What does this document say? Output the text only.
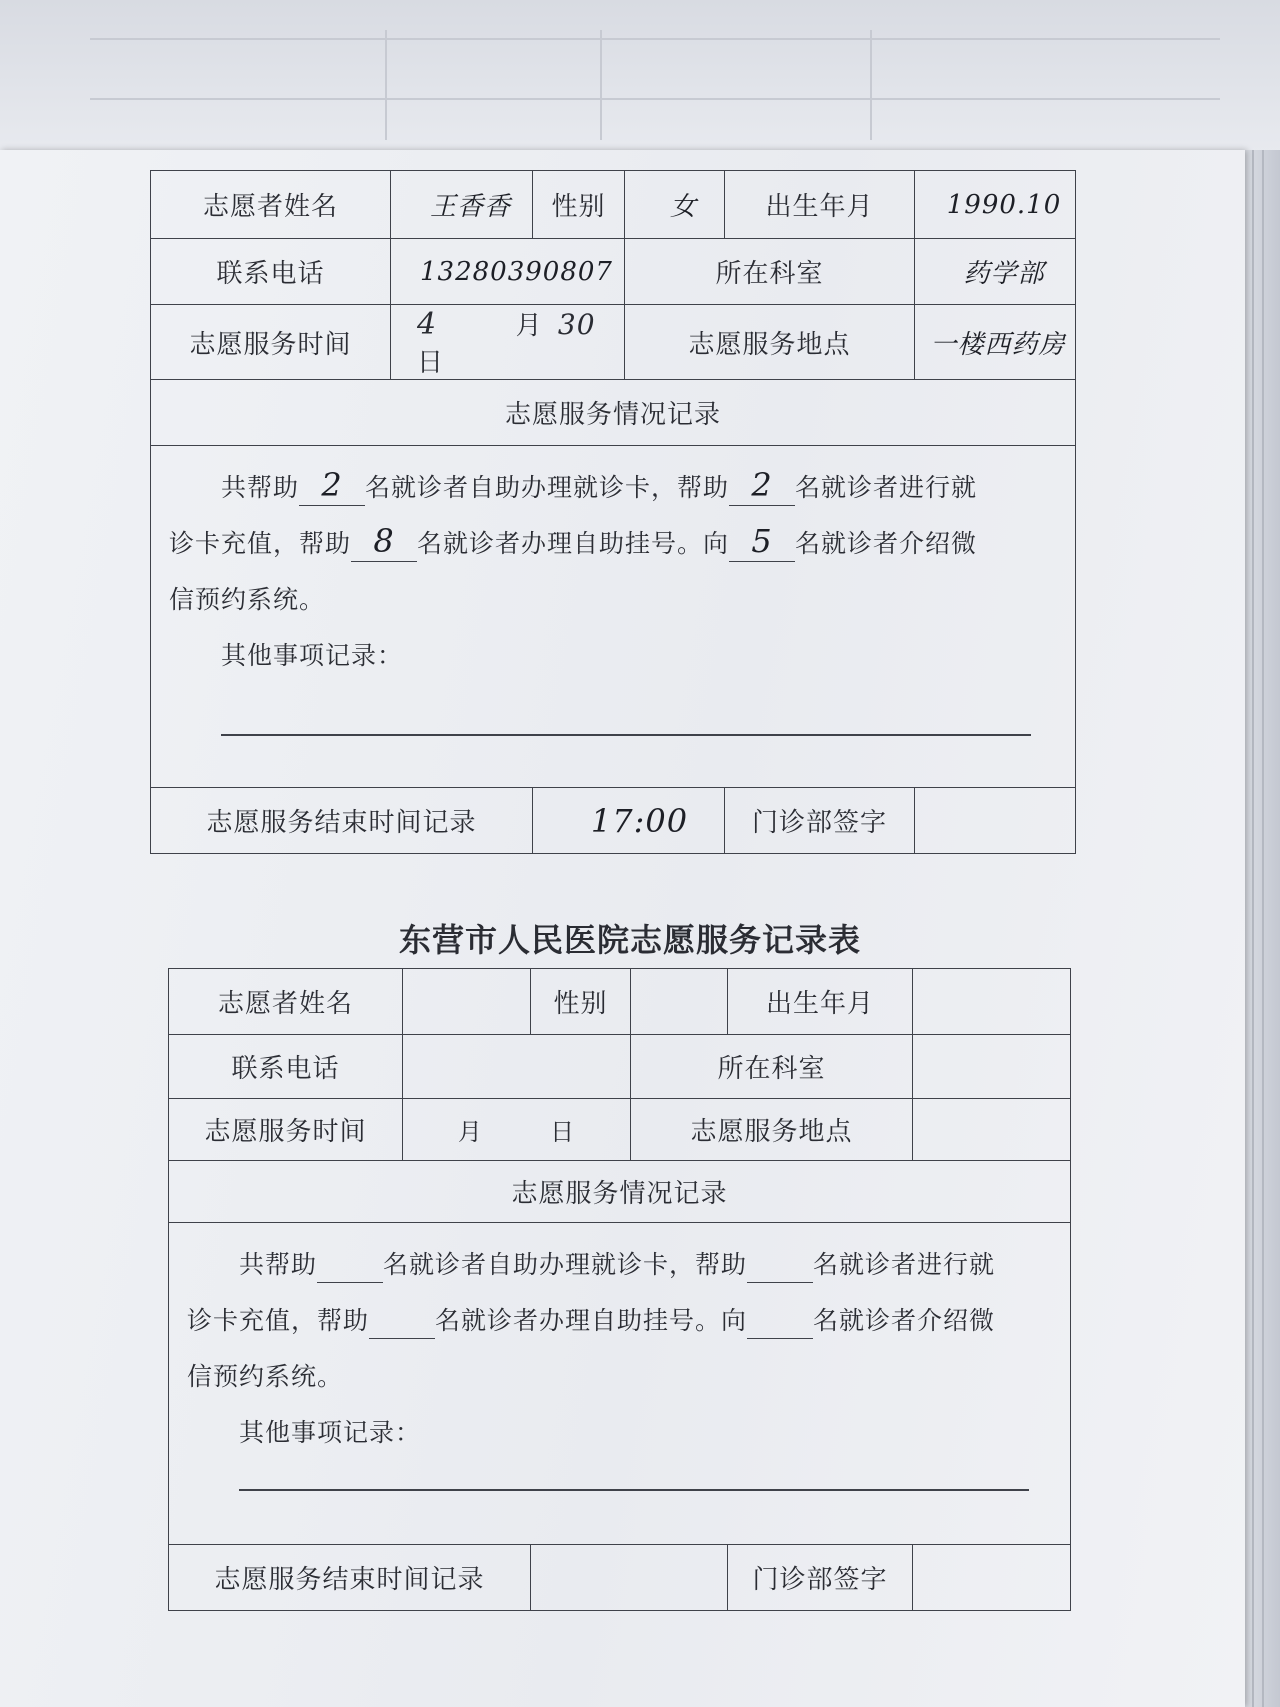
志愿者姓名	王香香	性别	女	出生年月	1990.10
联系电话	13280390807		所在科室		药学部
志愿服务时间	4 月 30 日		志愿服务地点		一楼西药房
志愿服务情况记录					

共帮助 2 名就诊者自助办理就诊卡，帮助 2 名就诊者进行就
诊卡充值，帮助 8 名就诊者办理自助挂号。向 5 名就诊者介绍微
信预约系统。
其他事项记录：					

志愿服务结束时间记录		17:00		门诊部签字	
东营市人民医院志愿服务记录表
志愿者姓名		性别		出生年月	
联系电话			所在科室		
志愿服务时间	月 日		志愿服务地点		
志愿服务情况记录					

共帮助 名就诊者自助办理就诊卡，帮助 名就诊者进行就
诊卡充值，帮助 名就诊者办理自助挂号。向 名就诊者介绍微
信预约系统。
其他事项记录：					

志愿服务结束时间记录				门诊部签字	
